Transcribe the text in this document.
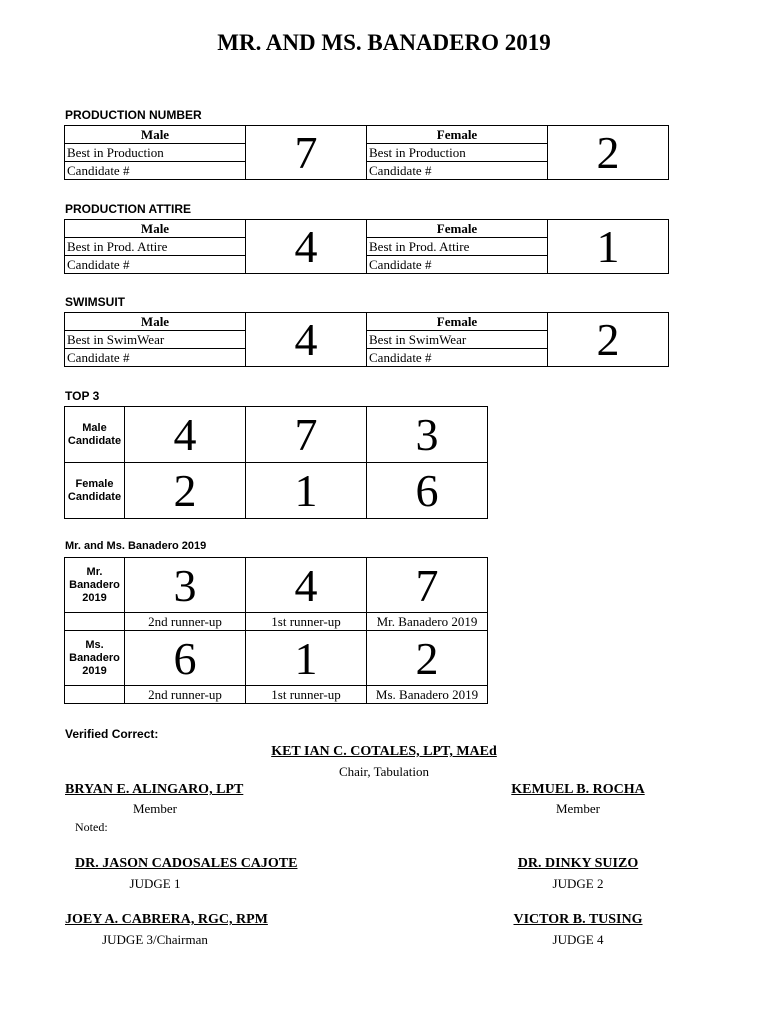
MR. AND MS. BANADERO 2019
PRODUCTION NUMBER
Male	7	Female	2
Best in Production		Best in Production	
Candidate #		Candidate #	
PRODUCTION ATTIRE
Male	4	Female	1
Best in Prod. Attire		Best in Prod. Attire	
Candidate #		Candidate #	
SWIMSUIT
Male	4	Female	2
Best in SwimWear		Best in SwimWear	
Candidate #		Candidate #	
TOP 3
Male Candidate	4	7	3
Female Candidate	2	1	6
Mr. and Ms. Banadero 2019
Mr. Banadero 2019	3	4	7
	2nd runner-up	1st runner-up	Mr. Banadero 2019
Ms. Banadero 2019	6	1	2
	2nd runner-up	1st runner-up	Ms. Banadero 2019
Verified Correct:
KET IAN C. COTALES, LPT, MAEd
Chair, Tabulation
BRYAN E. ALINGARO, LPT
Member
KEMUEL B. ROCHA
Member
Noted:
DR. JASON CADOSALES CAJOTE
JUDGE 1
DR. DINKY SUIZO
JUDGE 2
JOEY A. CABRERA, RGC, RPM
JUDGE 3/Chairman
VICTOR B. TUSING
JUDGE 4
